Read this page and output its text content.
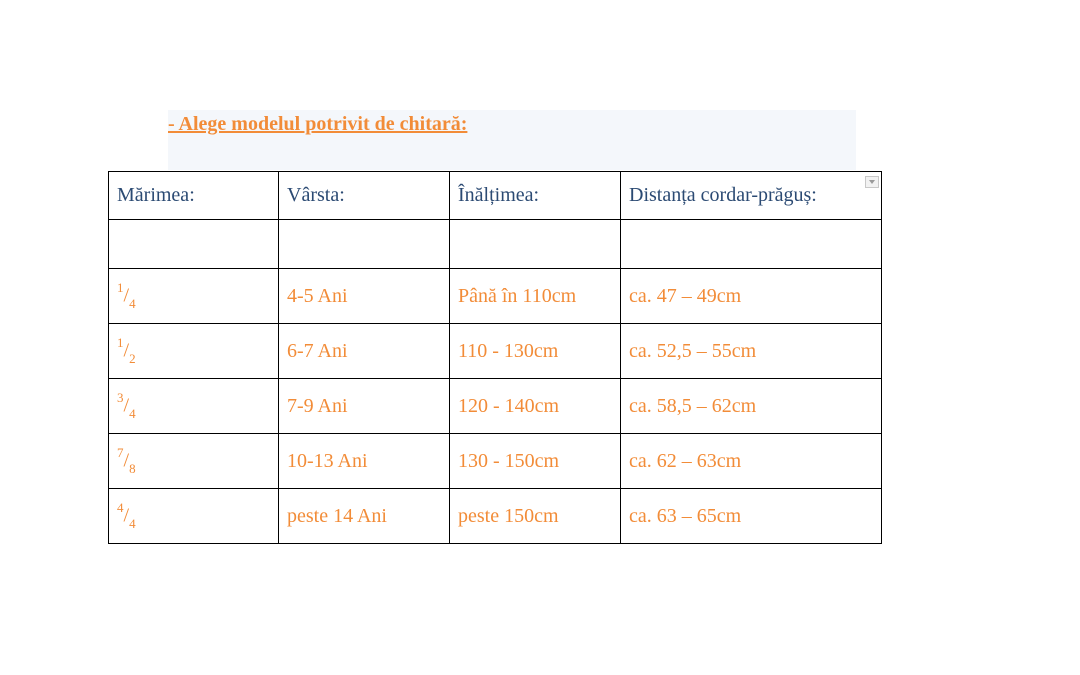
- Alege modelul potrivit de chitară:
Mărimea:	Vârsta:	Înălțimea:	Distanța cordar-prăguș:

$^1/_4$	4-5 Ani	Până în 110cm	ca. 47 – 49cm
$^1/_2$	6-7 Ani	110 - 130cm	ca. 52,5 – 55cm
$^3/_4$	7-9 Ani	120 - 140cm	ca. 58,5 – 62cm
$^7/_8$	10-13 Ani	130 - 150cm	ca. 62 – 63cm
$^4/_4$	peste 14 Ani	peste 150cm	ca. 63 – 65cm
